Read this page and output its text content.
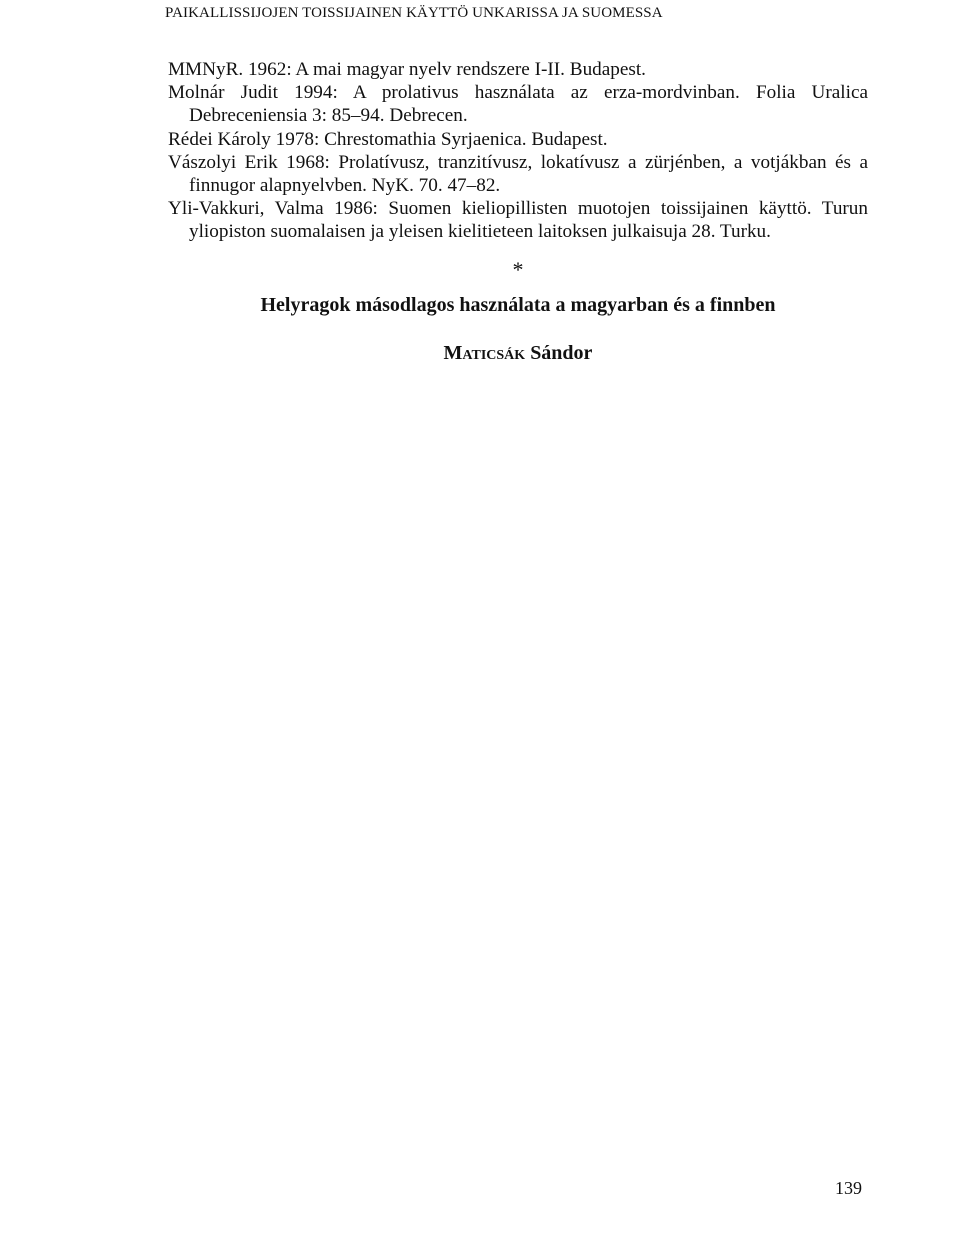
PAIKALLISSIJOJEN TOISSIJAINEN KÄYTTÖ UNKARISSA JA SUOMESSA
MMNyR. 1962: A mai magyar nyelv rendszere I-II. Budapest.
Molnár Judit 1994: A prolativus használata az erza-mordvinban. Folia Uralica Debreceniensia 3: 85–94. Debrecen.
Rédei Károly 1978: Chrestomathia Syrjaenica. Budapest.
Vászolyi Erik 1968: Prolatívusz, tranzitívusz, lokatívusz a zürjénben, a votjákban és a finnugor alapnyelvben. NyK. 70. 47–82.
Yli-Vakkuri, Valma 1986: Suomen kieliopillisten muotojen toissijainen käyttö. Turun yliopiston suomalaisen ja yleisen kielitieteen laitoksen julkaisuja 28. Turku.
*
Helyragok másodlagos használata a magyarban és a finnben
Maticsák Sándor
139
